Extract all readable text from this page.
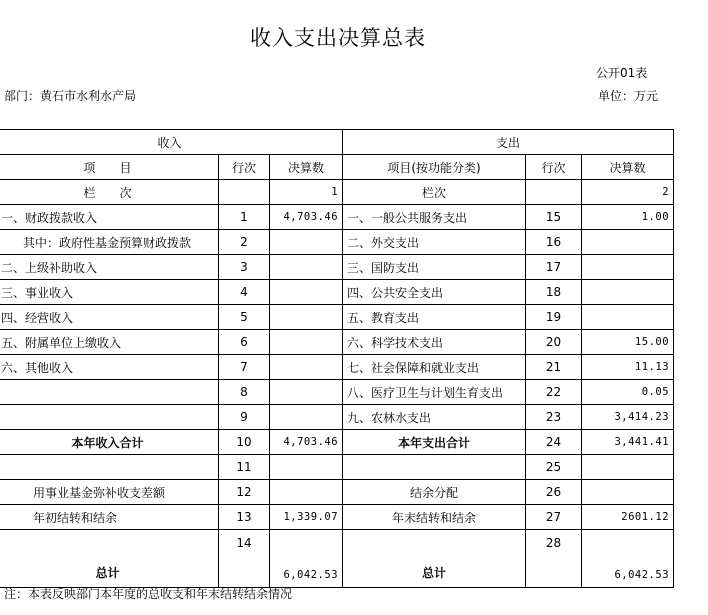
收入支出决算总表
公开01表
部门：黄石市水利水产局	单位：万元
收入			支出		
项　　目	行次	决算数	项目(按功能分类)	行次	决算数
栏　　次		1	栏次		2
一、财政拨款收入	1	4,703.46	一、一般公共服务支出	15	1.00
其中：政府性基金预算财政拨款	2		二、外交支出	16	
二、上级补助收入	3		三、国防支出	17	
三、事业收入	4		四、公共安全支出	18	
四、经营收入	5		五、教育支出	19	
五、附属单位上缴收入	6		六、科学技术支出	20	15.00
六、其他收入	7		七、社会保障和就业支出	21	11.13
	8		八、医疗卫生与计划生育支出	22	0.05
	9		九、农林水支出	23	3,414.23
本年收入合计	10	4,703.46	本年支出合计	24	3,441.41
	11			25	
用事业基金弥补收支差额	12		结余分配	26	
年初结转和结余	13	1,339.07	年末结转和结余	27	2601.12
总计	14	6,042.53	总计	28	6,042.53
注：本表反映部门本年度的总收支和年末结转结余情况
